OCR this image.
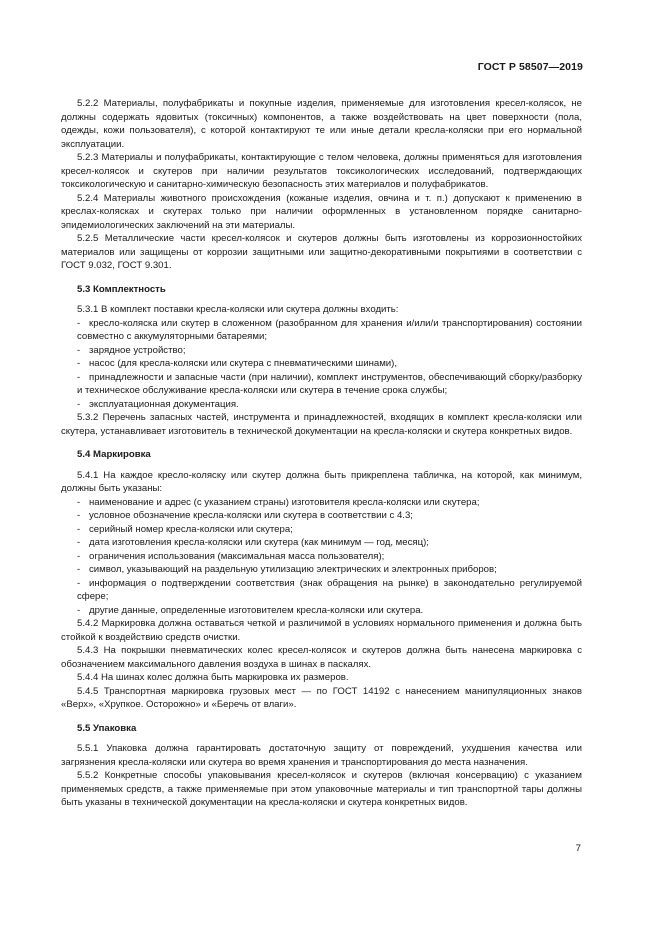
ГОСТ Р 58507—2019

5.2.2 Материалы, полуфабрикаты и покупные изделия, применяемые для изготовления кресел-колясок, не должны содержать ядовитых (токсичных) компонентов, а также воздействовать на цвет поверхности (пола, одежды, кожи пользователя), с которой контактируют те или иные детали кресла-коляски при его нормальной эксплуатации.

5.2.3 Материалы и полуфабрикаты, контактирующие с телом человека, должны применяться для изготовления кресел-колясок и скутеров при наличии результатов токсикологических исследований, подтверждающих токсикологическую и санитарно-химическую безопасность этих материалов и полуфабрикатов.

5.2.4 Материалы животного происхождения (кожаные изделия, овчина и т. п.) допускают к применению в креслах-колясках и скутерах только при наличии оформленных в установленном порядке санитарно-эпидемиологических заключений на эти материалы.

5.2.5 Металлические части кресел-колясок и скутеров должны быть изготовлены из коррозионностойких материалов или защищены от коррозии защитными или защитно-декоративными покрытиями в соответствии с ГОСТ 9.032, ГОСТ 9.301.

5.3 Комплектность

5.3.1 В комплект поставки кресла-коляски или скутера должны входить:

- кресло-коляска или скутер в сложенном (разобранном для хранения и/или/и транспортирования) состоянии совместно с аккумуляторными батареями;

- зарядное устройство;

- насос (для кресла-коляски или скутера с пневматическими шинами),

- принадлежности и запасные части (при наличии), комплект инструментов, обеспечивающий сборку/разборку и техническое обслуживание кресла-коляски или скутера в течение срока службы;

- эксплуатационная документация.

5.3.2 Перечень запасных частей, инструмента и принадлежностей, входящих в комплект кресла-коляски или скутера, устанавливает изготовитель в технической документации на кресла-коляски и скутера конкретных видов.

5.4 Маркировка

5.4.1 На каждое кресло-коляску или скутер должна быть прикреплена табличка, на которой, как минимум, должны быть указаны:

- наименование и адрес (с указанием страны) изготовителя кресла-коляски или скутера;

- условное обозначение кресла-коляски или скутера в соответствии с 4.3;

- серийный номер кресла-коляски или скутера;

- дата изготовления кресла-коляски или скутера (как минимум — год, месяц);

- ограничения использования (максимальная масса пользователя);

- символ, указывающий на раздельную утилизацию электрических и электронных приборов;

- информация о подтверждении соответствия (знак обращения на рынке) в законодательно регулируемой сфере;

- другие данные, определенные изготовителем кресла-коляски или скутера.

5.4.2 Маркировка должна оставаться четкой и различимой в условиях нормального применения и должна быть стойкой к воздействию средств очистки.

5.4.3 На покрышки пневматических колес кресел-колясок и скутеров должна быть нанесена маркировка с обозначением максимального давления воздуха в шинах в паскалях.

5.4.4 На шинах колес должна быть маркировка их размеров.

5.4.5 Транспортная маркировка грузовых мест — по ГОСТ 14192 с нанесением манипуляционных знаков «Верх», «Хрупкое. Осторожно» и «Беречь от влаги».

5.5 Упаковка

5.5.1 Упаковка должна гарантировать достаточную защиту от повреждений, ухудшения качества или загрязнения кресла-коляски или скутера во время хранения и транспортирования до места назначения.

5.5.2 Конкретные способы упаковывания кресел-колясок и скутеров (включая консервацию) с указанием применяемых средств, а также применяемые при этом упаковочные материалы и тип транспортной тары должны быть указаны в технической документации на кресла-коляски и скутера конкретных видов.

7
